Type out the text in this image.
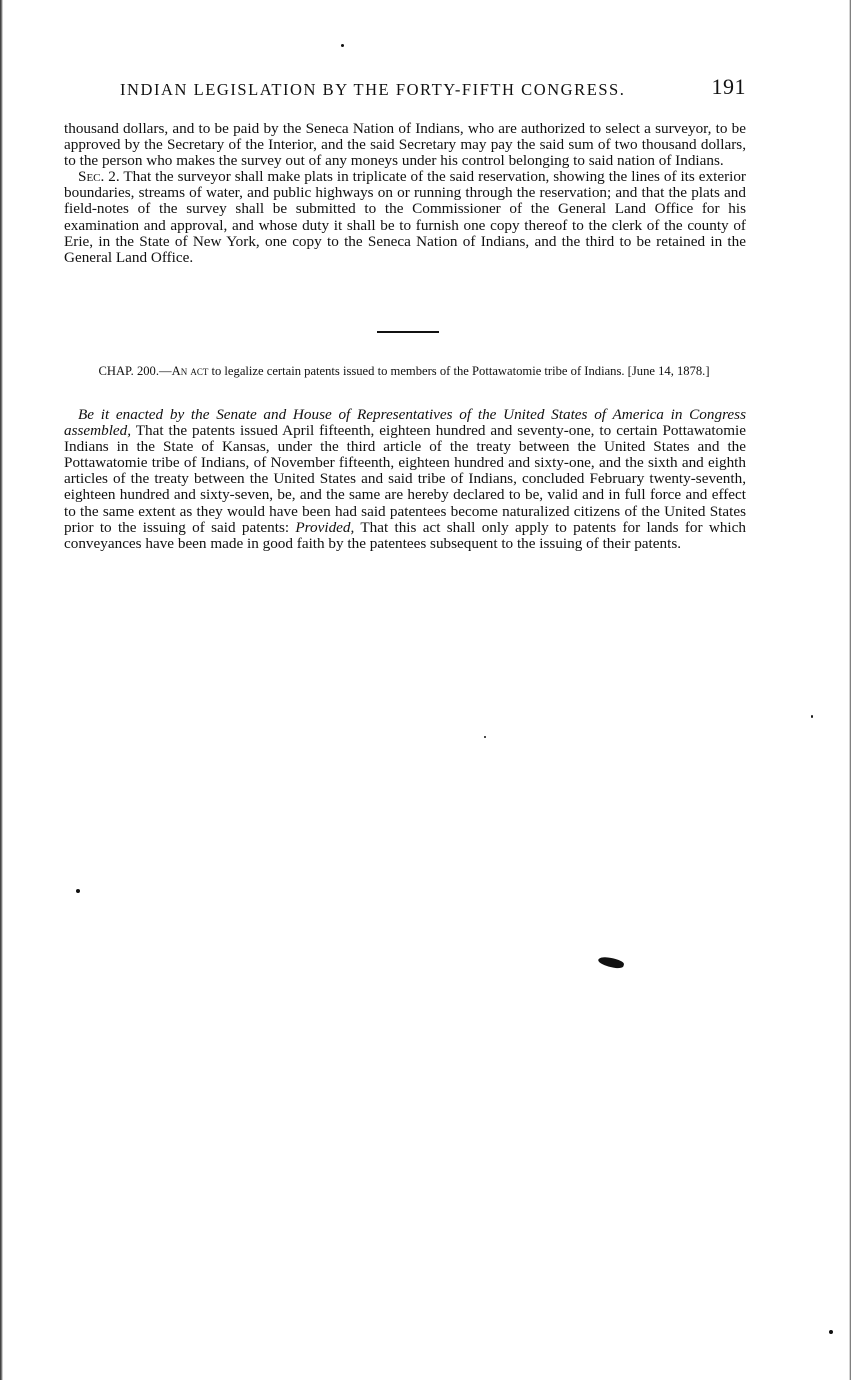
INDIAN LEGISLATION BY THE FORTY-FIFTH CONGRESS.	191

thousand dollars, and to be paid by the Seneca Nation of Indians, who are authorized to select a surveyor, to be approved by the Secretary of the Interior, and the said Secretary may pay the said sum of two thousand dollars, to the person who makes the survey out of any moneys under his control belonging to said nation of Indians.

Sec. 2. That the surveyor shall make plats in triplicate of the said reservation, showing the lines of its exterior boundaries, streams of water, and public highways on or running through the reservation; and that the plats and field-notes of the survey shall be submitted to the Commissioner of the General Land Office for his examination and approval, and whose duty it shall be to furnish one copy thereof to the clerk of the county of Erie, in the State of New York, one copy to the Seneca Nation of Indians, and the third to be retained in the General Land Office.

CHAP. 200.—An act to legalize certain patents issued to members of the Pottawatomie tribe of Indians. [June 14, 1878.]

Be it enacted by the Senate and House of Representatives of the United States of America in Congress assembled, That the patents issued April fifteenth, eighteen hundred and seventy-one, to certain Pottawatomie Indians in the State of Kansas, under the third article of the treaty between the United States and the Pottawatomie tribe of Indians, of November fifteenth, eighteen hundred and sixty-one, and the sixth and eighth articles of the treaty between the United States and said tribe of Indians, concluded February twenty-seventh, eighteen hundred and sixty-seven, be, and the same are hereby declared to be, valid and in full force and effect to the same extent as they would have been had said patentees become naturalized citizens of the United States prior to the issuing of said patents: Provided, That this act shall only apply to patents for lands for which conveyances have been made in good faith by the patentees subsequent to the issuing of their patents.
